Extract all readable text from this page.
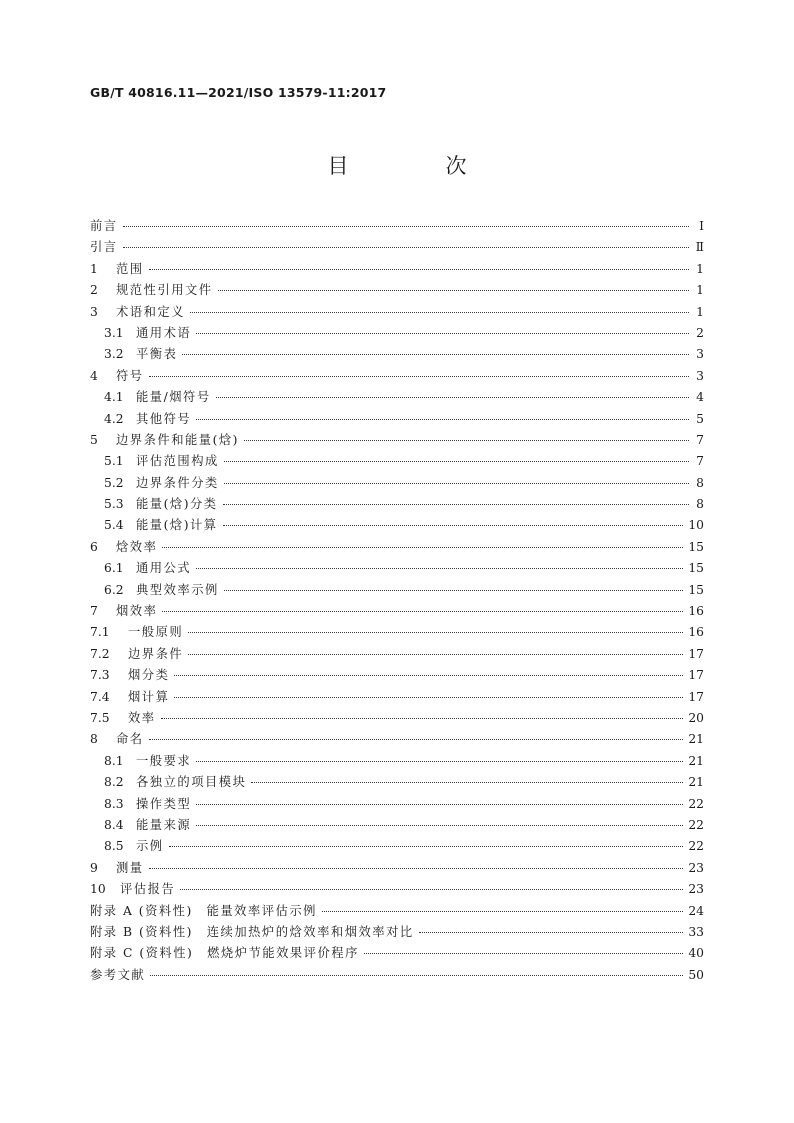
GB/T 40816.11—2021/ISO 13579-11:2017
目　次
前言	Ⅰ
引言	Ⅱ
1	范围	1
2	规范性引用文件	1
3	术语和定义	1
3.1	通用术语	2
3.2	平衡表	3
4	符号	3
4.1	能量/烟符号	4
4.2	其他符号	5
5	边界条件和能量(焓)	7
5.1	评估范围构成	7
5.2	边界条件分类	8
5.3	能量(焓)分类	8
5.4	能量(焓)计算	10
6	焓效率	15
6.1	通用公式	15
6.2	典型效率示例	15
7	烟效率	16
7.1	一般原则	16
7.2	边界条件	17
7.3	烟分类	17
7.4	烟计算	17
7.5	效率	20
8	命名	21
8.1	一般要求	21
8.2	各独立的项目模块	21
8.3	操作类型	22
8.4	能量来源	22
8.5	示例	22
9	测量	23
10	评估报告	23
附录 A (资料性)　能量效率评估示例	24
附录 B (资料性)　连续加热炉的焓效率和烟效率对比	33
附录 C (资料性)　燃烧炉节能效果评价程序	40
参考文献	50
